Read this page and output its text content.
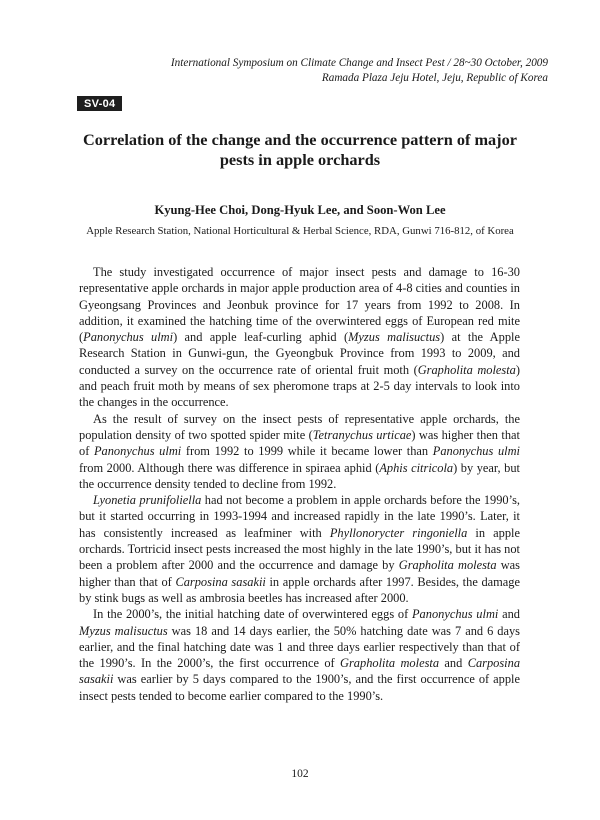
International Symposium on Climate Change and Insect Pest / 28~30 October, 2009
Ramada Plaza Jeju Hotel, Jeju, Republic of Korea
SV-04
Correlation of the change and the occurrence pattern of major
pests in apple orchards
Kyung-Hee Choi, Dong-Hyuk Lee, and Soon-Won Lee
Apple Research Station, National Horticultural & Herbal Science, RDA, Gunwi 716-812, of Korea

The study investigated occurrence of major insect pests and damage to 16-30 representative apple orchards in major apple production area of 4-8 cities and counties in Gyeongsang Provinces and Jeonbuk province for 17 years from 1992 to 2008. In addition, it examined the hatching time of the overwintered eggs of European red mite (Panonychus ulmi) and apple leaf-curling aphid (Myzus malisuctus) at the Apple Research Station in Gunwi-gun, the Gyeongbuk Province from 1993 to 2009, and conducted a survey on the occurrence rate of oriental fruit moth (Grapholita molesta) and peach fruit moth by means of sex pheromone traps at 2-5 day intervals to look into the changes in the occurrence.

As the result of survey on the insect pests of representative apple orchards, the population density of two spotted spider mite (Tetranychus urticae) was higher then that of Panonychus ulmi from 1992 to 1999 while it became lower than Panonychus ulmi from 2000. Although there was difference in spiraea aphid (Aphis citricola) by year, but the occurrence density tended to decline from 1992.

Lyonetia prunifoliella had not become a problem in apple orchards before the 1990’s, but it started occurring in 1993-1994 and increased rapidly in the late 1990’s. Later, it has consistently increased as leafminer with Phyllonorycter ringoniella in apple orchards. Tortricid insect pests increased the most highly in the late 1990’s, but it has not been a problem after 2000 and the occurrence and damage by Grapholita molesta was higher than that of Carposina sasakii in apple orchards after 1997. Besides, the damage by stink bugs as well as ambrosia beetles has increased after 2000.

In the 2000’s, the initial hatching date of overwintered eggs of Panonychus ulmi and Myzus malisuctus was 18 and 14 days earlier, the 50% hatching date was 7 and 6 days earlier, and the final hatching date was 1 and three days earlier respectively than that of the 1990’s. In the 2000’s, the first occurrence of Grapholita molesta and Carposina sasakii was earlier by 5 days compared to the 1900’s, and the first occurrence of apple insect pests tended to become earlier compared to the 1990’s.

102
